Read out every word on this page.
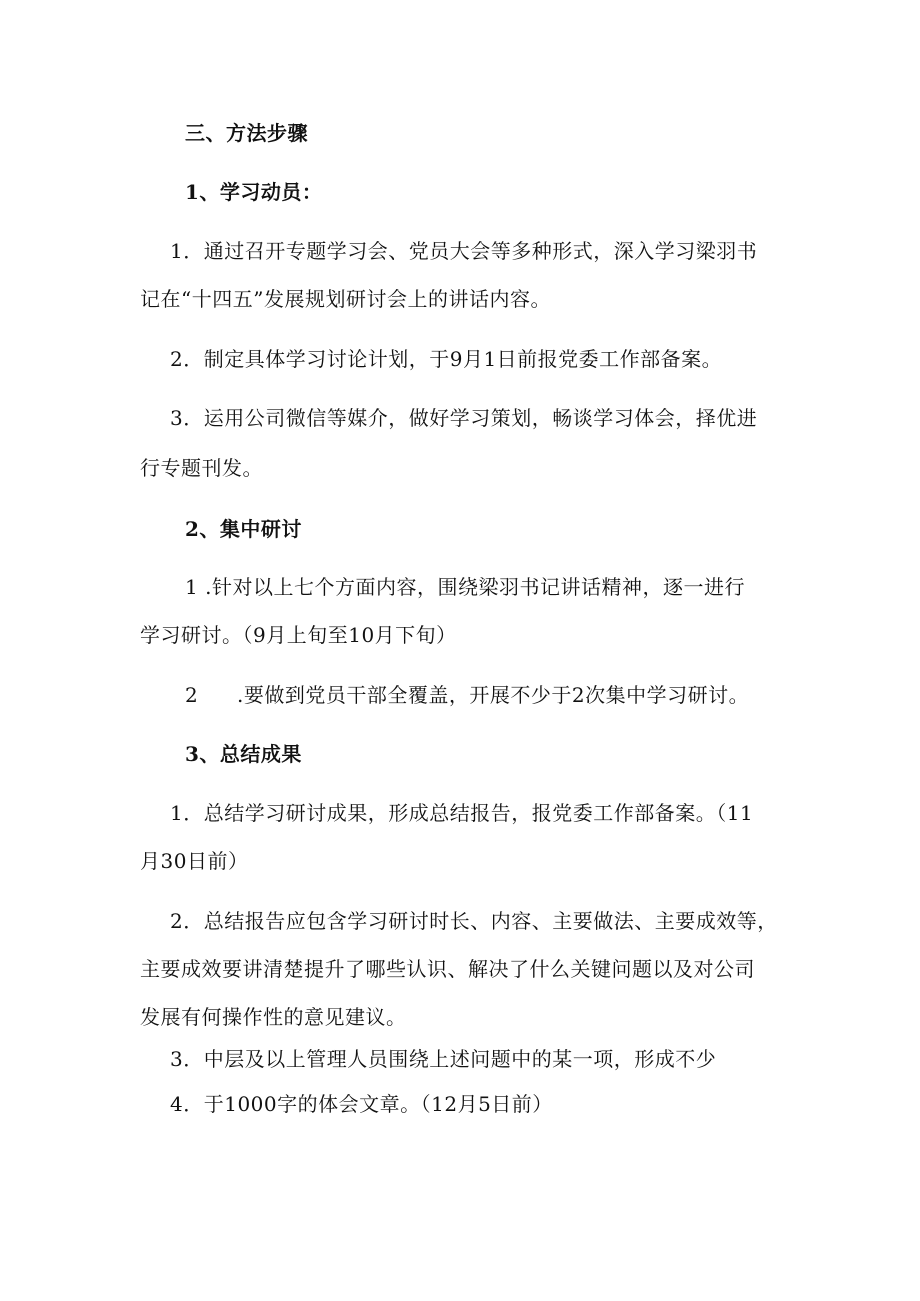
三、方法步骤
1、学习动员：
1．通过召开专题学习会、党员大会等多种形式，深入学习梁羽书
记在“十四五”发展规划研讨会上的讲话内容。
2．制定具体学习讨论计划，于9月1日前报党委工作部备案。
3．运用公司微信等媒介，做好学习策划，畅谈学习体会，择优进
行专题刊发。
2、集中研讨
1 .针对以上七个方面内容，围绕梁羽书记讲话精神，逐一进行
学习研讨。（9月上旬至10月下旬）
2 .要做到党员干部全覆盖，开展不少于2次集中学习研讨。
3、总结成果
1．总结学习研讨成果，形成总结报告，报党委工作部备案。（11
月30日前）
2．总结报告应包含学习研讨时长、内容、主要做法、主要成效等，
主要成效要讲清楚提升了哪些认识、解决了什么关键问题以及对公司
发展有何操作性的意见建议。
3．中层及以上管理人员围绕上述问题中的某一项，形成不少
4．于1000字的体会文章。（12月5日前）
